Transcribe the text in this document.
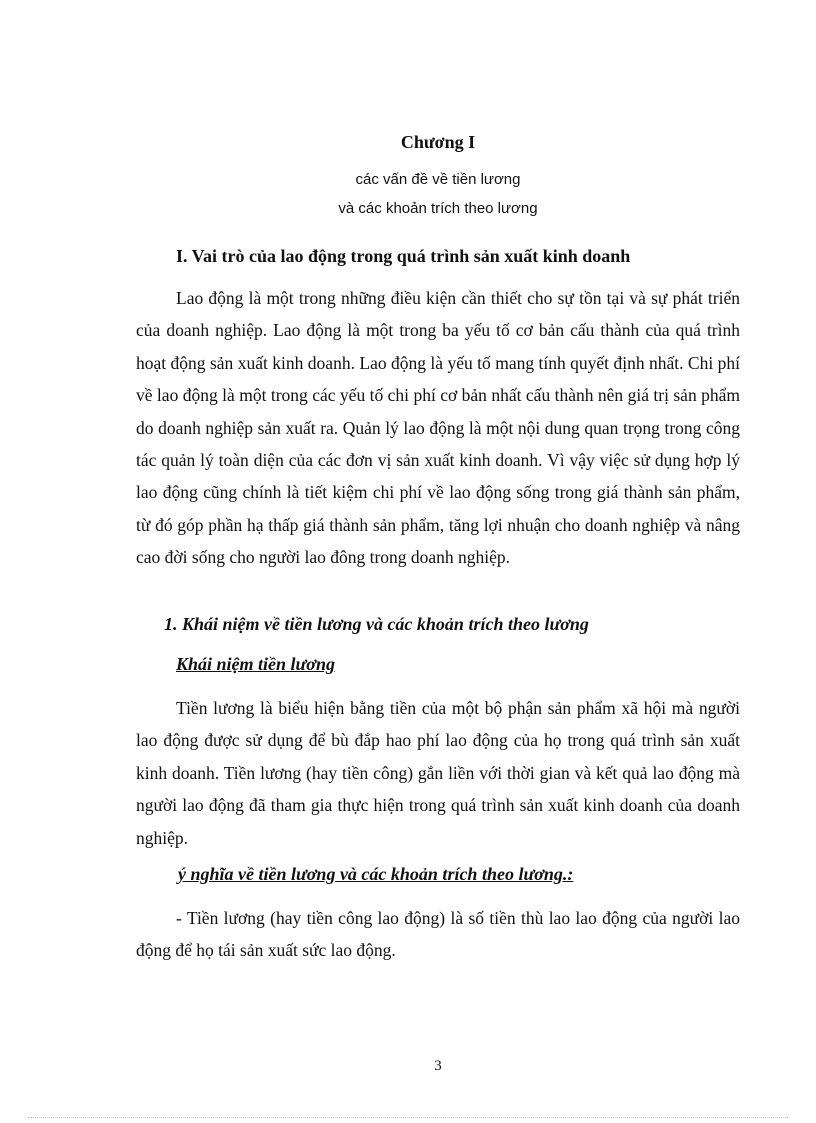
Chương I
các vấn đề về tiền lương
và các khoản trích theo lương
I. Vai trò của lao động trong quá trình sản xuất kinh doanh

Lao động là một trong những điều kiện cần thiết cho sự tồn tại và sự phát triển của doanh nghiệp. Lao động là một trong ba yếu tố cơ bản cấu thành của quá trình hoạt động sản xuất kinh doanh. Lao động là yếu tố mang tính quyết định nhất. Chi phí về lao động là một trong các yếu tố chi phí cơ bản nhất cấu thành nên giá trị sản phẩm do doanh nghiệp sản xuất ra. Quản lý lao động là một nội dung quan trọng trong công tác quản lý toàn diện của các đơn vị sản xuất kinh doanh. Vì vậy việc sử dụng hợp lý lao động cũng chính là tiết kiệm chi phí về lao động sống trong giá thành sản phẩm, từ đó góp phần hạ thấp giá thành sản phẩm, tăng lợi nhuận cho doanh nghiệp và nâng cao đời sống cho người lao đông trong doanh nghiệp.

1. Khái niệm về tiền lương và các khoản trích theo lương
Khái niệm tiền lương

Tiền lương là biểu hiện bằng tiền của một bộ phận sản phẩm xã hội mà người lao động được sử dụng để bù đắp hao phí lao động của họ trong quá trình sản xuất kinh doanh. Tiền lương (hay tiền công) gắn liền với thời gian và kết quả lao động mà người lao động đã tham gia thực hiện trong quá trình sản xuất kinh doanh của doanh nghiệp.

ý nghĩa về tiền lương và các khoản trích theo lương.:

- Tiền lương (hay tiền công lao động) là số tiền thù lao lao động của người lao động để họ tái sản xuất sức lao động.

3
